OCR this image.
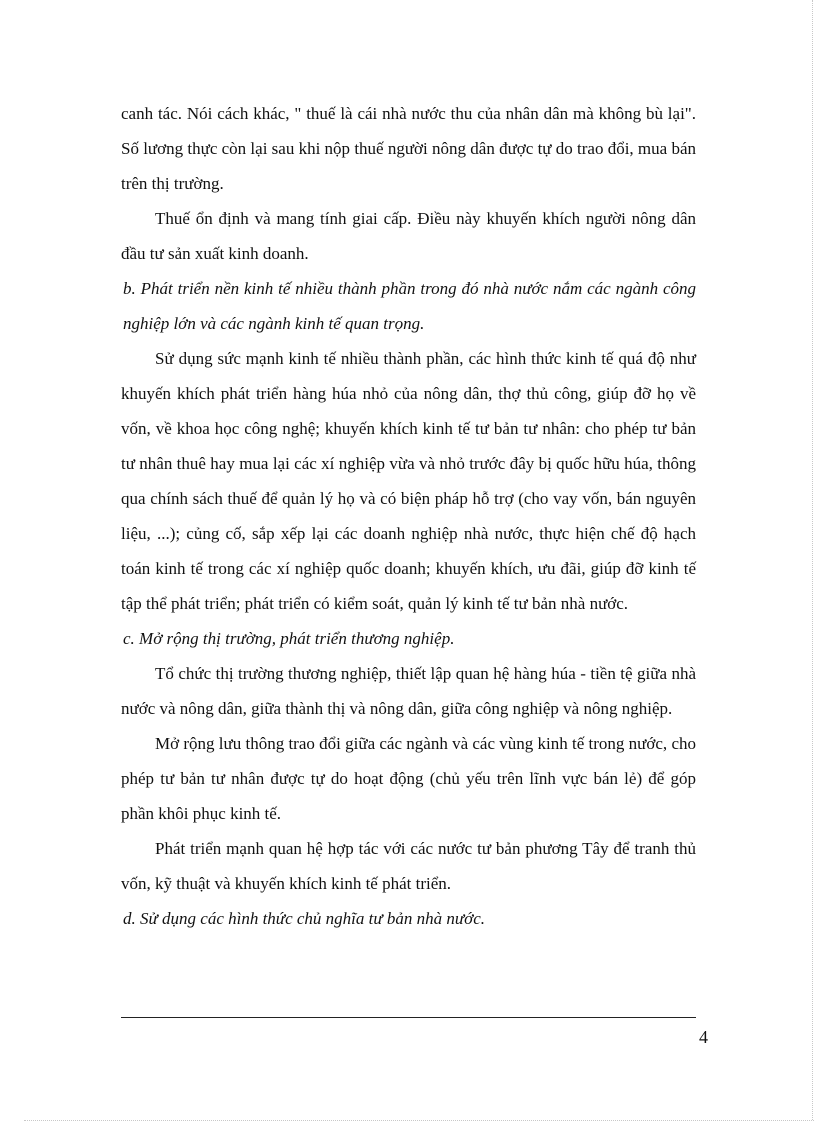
canh tác. Nói cách khác, " thuế là cái nhà nước thu của nhân dân mà không bù lại". Số lương thực còn lại sau khi nộp thuế người nông dân được tự do trao đổi, mua bán trên thị trường.

Thuế ổn định và mang tính giai cấp. Điều này khuyến khích người nông dân đầu tư sản xuất kinh doanh.

b. Phát triển nền kinh tế nhiều thành phần trong đó nhà nước nắm các ngành công nghiệp lớn và các ngành kinh tế quan trọng.

Sử dụng sức mạnh kinh tế nhiều thành phần, các hình thức kinh tế quá độ như khuyến khích phát triển hàng húa nhỏ của nông dân, thợ thủ công, giúp đỡ họ về vốn, về khoa học công nghệ; khuyến khích kinh tế tư bản tư nhân: cho phép tư bản tư nhân thuê hay mua lại các xí nghiệp vừa và nhỏ trước đây bị quốc hữu húa, thông qua chính sách thuế để quản lý họ và có biện pháp hỗ trợ (cho vay vốn, bán nguyên liệu, ...); củng cố, sắp xếp lại các doanh nghiệp nhà nước, thực hiện chế độ hạch toán kinh tế trong các xí nghiệp quốc doanh; khuyến khích, ưu đãi, giúp đỡ kinh tế tập thể phát triển; phát triển có kiểm soát, quản lý kinh tế tư bản nhà nước.

c. Mở rộng thị trường, phát triển thương nghiệp.

Tổ chức thị trường thương nghiệp, thiết lập quan hệ hàng húa - tiền tệ giữa nhà nước và nông dân, giữa thành thị và nông dân, giữa công nghiệp và nông nghiệp.

Mở rộng lưu thông trao đổi giữa các ngành và các vùng kinh tế trong nước, cho phép tư bản tư nhân được tự do hoạt động (chủ yếu trên lĩnh vực bán lẻ) để góp phần khôi phục kinh tế.

Phát triển mạnh quan hệ hợp tác với các nước tư bản phương Tây để tranh thủ vốn, kỹ thuật và khuyến khích kinh tế phát triển.

d. Sử dụng các hình thức chủ nghĩa tư bản nhà nước.

4
